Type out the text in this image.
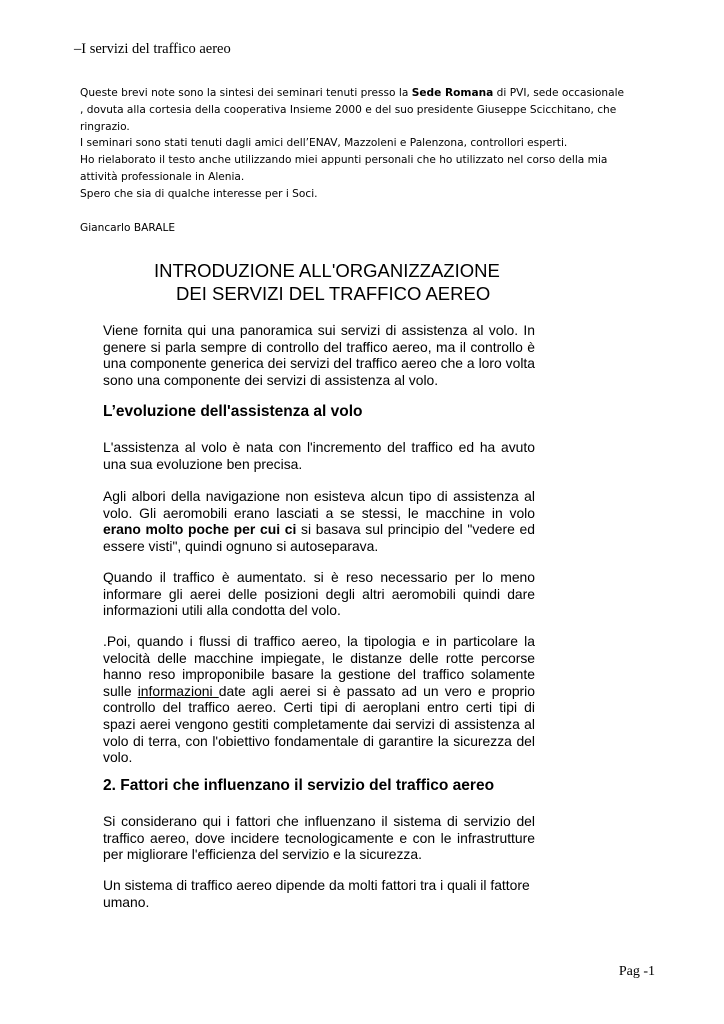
–I servizi del traffico aereo

Queste brevi note sono la sintesi dei seminari tenuti presso la Sede Romana di PVI, sede occasionale

, dovuta alla cortesia della cooperativa Insieme 2000 e del suo presidente Giuseppe Scicchitano, che

ringrazio.

I seminari sono stati tenuti dagli amici dell’ENAV, Mazzoleni e Palenzona, controllori esperti.

Ho rielaborato il testo anche utilizzando miei appunti personali che ho utilizzato nel corso della mia

attività professionale in Alenia.

Spero che sia di qualche interesse per i Soci.

Giancarlo BARALE
INTRODUZIONE ALL'ORGANIZZAZIONE
DEI SERVIZI DEL TRAFFICO AEREO
Viene fornita qui una panoramica sui servizi di assistenza al volo. In genere si parla sempre di controllo del traffico aereo, ma il controllo è una componente generica dei servizi del traffico aereo che a loro volta sono una componente dei servizi di assistenza al volo.
L’evoluzione dell'assistenza al volo
L'assistenza al volo è nata con l'incremento del traffico ed ha avuto una sua evoluzione ben precisa.
Agli albori della navigazione non esisteva alcun tipo di assistenza al volo. Gli aeromobili erano lasciati a se stessi, le macchine in volo erano molto poche per cui ci si basava sul principio del "vedere ed essere visti", quindi ognuno si autoseparava.
Quando il traffico è aumentato. si è reso necessario per lo meno informare gli aerei delle posizioni degli altri aeromobili quindi dare informazioni utili alla condotta del volo.
.Poi, quando i flussi di traffico aereo, la tipologia e in particolare la velocità delle macchine impiegate, le distanze delle rotte percorse hanno reso improponibile basare la gestione del traffico solamente sulle informazioni date agli aerei si è passato ad un vero e proprio controllo del traffico aereo. Certi tipi di aeroplani entro certi tipi di spazi aerei vengono gestiti completamente dai servizi di assistenza al volo di terra, con l'obiettivo fondamentale di garantire la sicurezza del volo.
2. Fattori che influenzano il servizio del traffico aereo
Si considerano qui i fattori che influenzano il sistema di servizio del traffico aereo, dove incidere tecnologicamente e con le infrastrutture per migliorare l'efficienza del servizio e la sicurezza.
Un sistema di traffico aereo dipende da molti fattori tra i quali il fattore umano.
Pag -1
